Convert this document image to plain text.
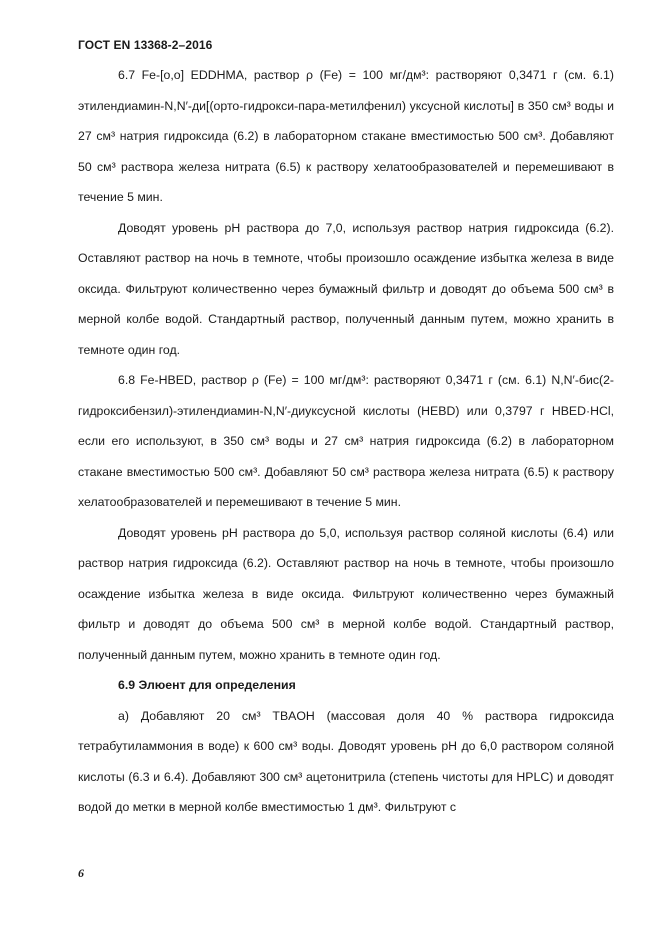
ГОСТ EN 13368-2–2016

6.7 Fe-[o,o] EDDHMA, раствор ρ (Fe) = 100 мг/дм³: растворяют 0,3471 г (см. 6.1) этилендиамин-N,N′-ди[(орто-гидрокси-пара-метилфенил) уксусной кислоты] в 350 см³ воды и 27 см³ натрия гидроксида (6.2) в лабораторном стакане вместимостью 500 см³. Добавляют 50 см³ раствора железа нитрата (6.5) к раствору хелатообразователей и перемешивают в течение 5 мин.

Доводят уровень pH раствора до 7,0, используя раствор натрия гидроксида (6.2). Оставляют раствор на ночь в темноте, чтобы произошло осаждение избытка железа в виде оксида. Фильтруют количественно через бумажный фильтр и доводят до объема 500 см³ в мерной колбе водой. Стандартный раствор, полученный данным путем, можно хранить в темноте один год.

6.8 Fe-HBED, раствор ρ (Fe) = 100 мг/дм³: растворяют 0,3471 г (см. 6.1) N,N′-бис(2-гидроксибензил)-этилендиамин-N,N′-диуксусной кислоты (HEBD) или 0,3797 г HBED·HCl, если его используют, в 350 см³ воды и 27 см³ натрия гидроксида (6.2) в лабораторном стакане вместимостью 500 см³. Добавляют 50 см³ раствора железа нитрата (6.5) к раствору хелатообразователей и перемешивают в течение 5 мин.

Доводят уровень pH раствора до 5,0, используя раствор соляной кислоты (6.4) или раствор натрия гидроксида (6.2). Оставляют раствор на ночь в темноте, чтобы произошло осаждение избытка железа в виде оксида. Фильтруют количественно через бумажный фильтр и доводят до объема 500 см³ в мерной колбе водой. Стандартный раствор, полученный данным путем, можно хранить в темноте один год.

6.9 Элюент для определения

а) Добавляют 20 см³ TBAOH (массовая доля 40 % раствора гидроксида тетрабутиламмония в воде) к 600 см³ воды. Доводят уровень pH до 6,0 раствором соляной кислоты (6.3 и 6.4). Добавляют 300 см³ ацетонитрила (степень чистоты для HPLC) и доводят водой до метки в мерной колбе вместимостью 1 дм³. Фильтруют с

6
